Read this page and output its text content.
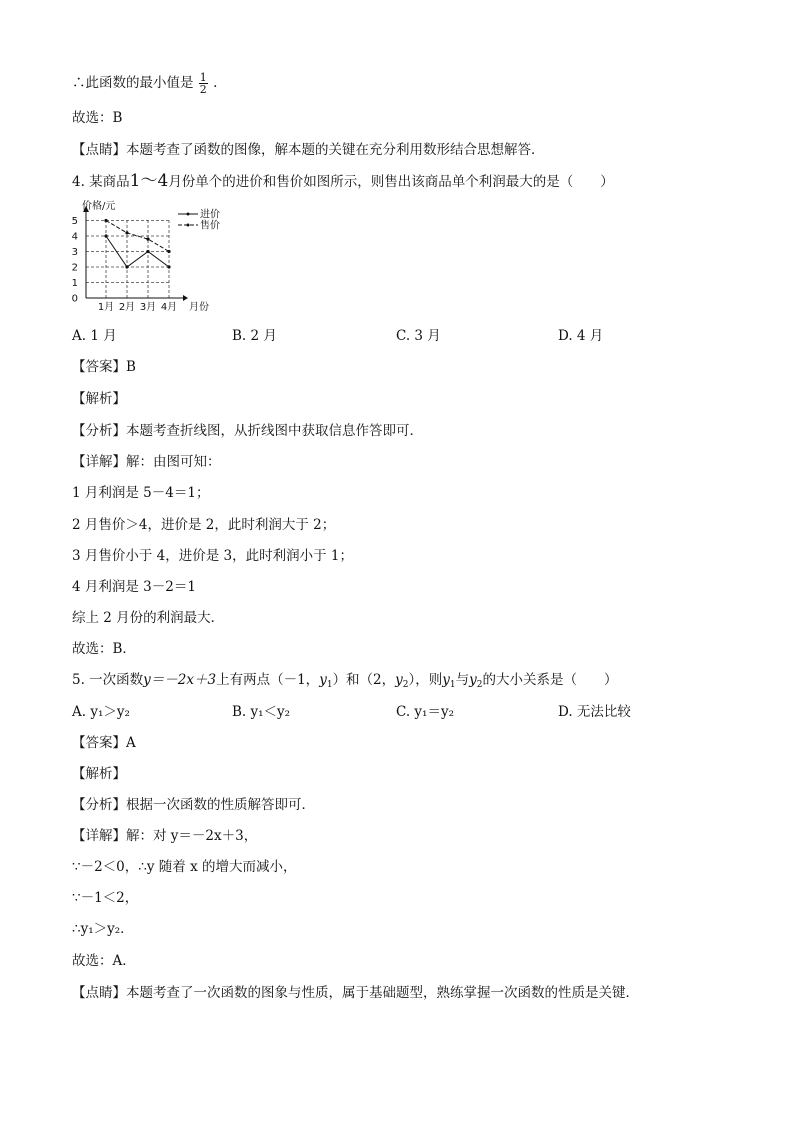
∴此函数的最小值是 $\frac{1}{2}$ .
故选：B
【点睛】本题考查了函数的图像，解本题的关键在充分利用数形结合思想解答．
4. 某商品1～4月份单个的进价和售价如图所示，则售出该商品单个利润最大的是（　　）
0
1
2
3
4
5
1月 2月 3月 4月 月份
价格/元
进价
售价
A. 1 月	B. 2 月	C. 3 月	D. 4 月
【答案】B
【解析】
【分析】本题考查折线图，从折线图中获取信息作答即可．
【详解】解：由图可知：
1 月利润是 5－4＝1；
2 月售价＞4，进价是 2，此时利润大于 2；
3 月售价小于 4，进价是 3，此时利润小于 1；
4 月利润是 3－2＝1
综上 2 月份的利润最大．
故选：B．
5. 一次函数y＝－2x＋3上有两点（－1，$y_1$）和（2，$y_2$），则$y_1$与$y_2$的大小关系是（　　）
A. y₁＞y₂	B. y₁＜y₂	C. y₁＝y₂	D. 无法比较
【答案】A
【解析】
【分析】根据一次函数的性质解答即可．
【详解】解：对 y＝－2x＋3，
∵－2＜0，∴y 随着 x 的增大而减小，
∵－1＜2，
∴y₁＞y₂．
故选：A．
【点睛】本题考查了一次函数的图象与性质，属于基础题型，熟练掌握一次函数的性质是关键．
